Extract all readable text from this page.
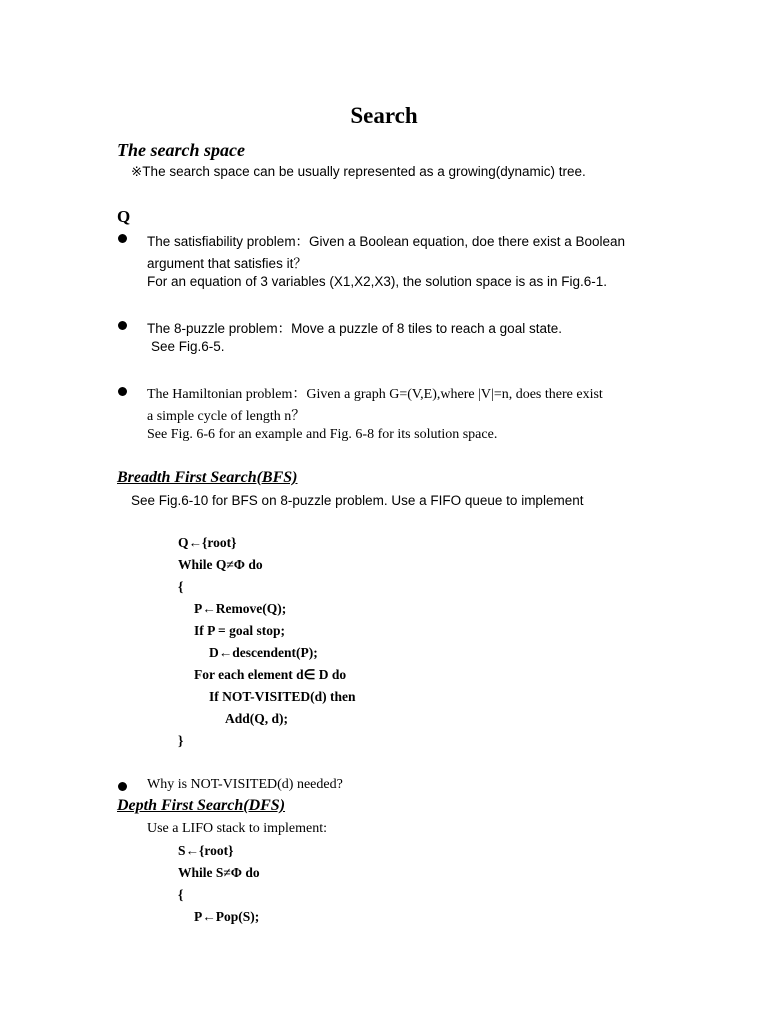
Search
The search space
※The search space can be usually represented as a growing(dynamic) tree.
Q
The satisfiability problem：Given a Boolean equation, doe there exist a Boolean
argument that satisfies it？
For an equation of 3 variables (X1,X2,X3), the solution space is as in Fig.6-1.
The 8-puzzle problem：Move a puzzle of 8 tiles to reach a goal state.
See Fig.6-5.
The Hamiltonian problem：Given a graph G=(V,E),where |V|=n, does there exist
a simple cycle of length n？
See Fig. 6-6 for an example and Fig. 6-8 for its solution space.
Breadth First Search(BFS)
See Fig.6-10 for BFS on 8-puzzle problem. Use a FIFO queue to implement
Q←{root}
While Q≠Φ do
{
P←Remove(Q);
If P = goal stop;
D←descendent(P);
For each element d∈ D do
If NOT-VISITED(d) then
Add(Q, d);
}
Why is NOT-VISITED(d) needed?
Depth First Search(DFS)
Use a LIFO stack to implement:
S←{root}
While S≠Φ do
{
P←Pop(S);
